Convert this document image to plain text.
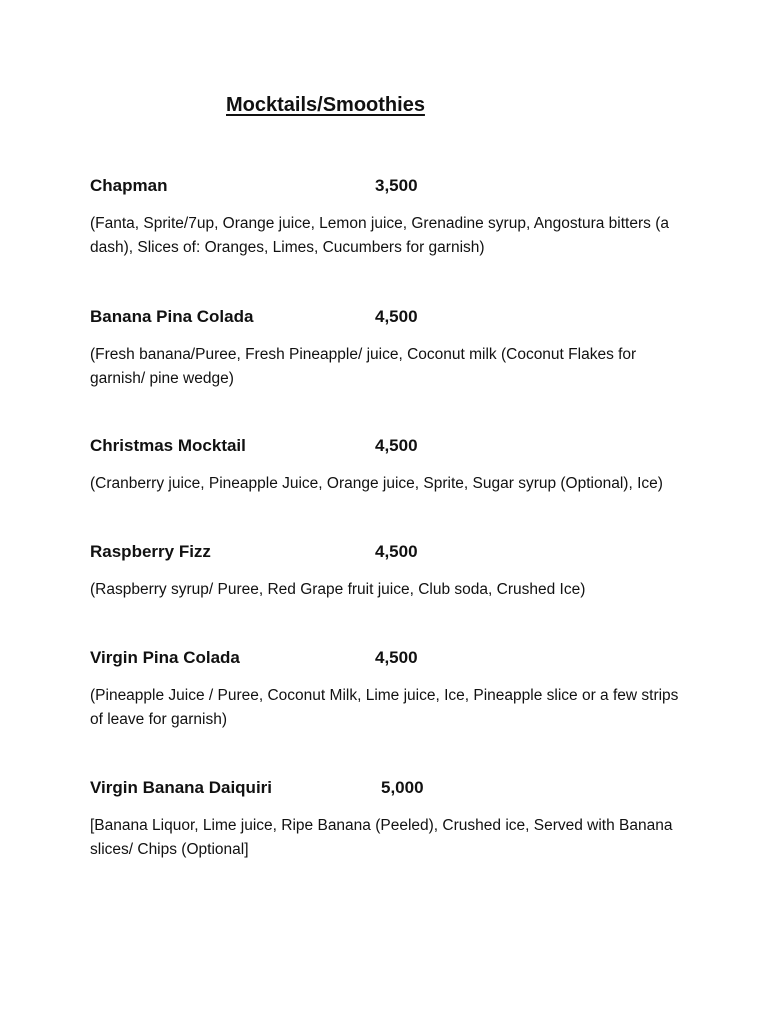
Mocktails/Smoothies
Chapman	3,500
(Fanta, Sprite/7up, Orange juice, Lemon juice, Grenadine syrup, Angostura bitters (a dash), Slices of: Oranges, Limes, Cucumbers for garnish)
Banana Pina Colada	4,500
(Fresh banana/Puree, Fresh Pineapple/ juice, Coconut milk (Coconut Flakes for garnish/ pine wedge)
Christmas Mocktail	4,500
(Cranberry juice, Pineapple Juice, Orange juice, Sprite, Sugar syrup (Optional), Ice)
Raspberry Fizz	4,500
(Raspberry syrup/ Puree, Red Grape fruit juice, Club soda, Crushed Ice)
Virgin Pina Colada	4,500
(Pineapple Juice / Puree, Coconut Milk, Lime juice, Ice, Pineapple slice or a few strips of leave for garnish)
Virgin Banana Daiquiri	5,000
[Banana Liquor, Lime juice, Ripe Banana (Peeled), Crushed ice, Served with Banana slices/ Chips (Optional]
